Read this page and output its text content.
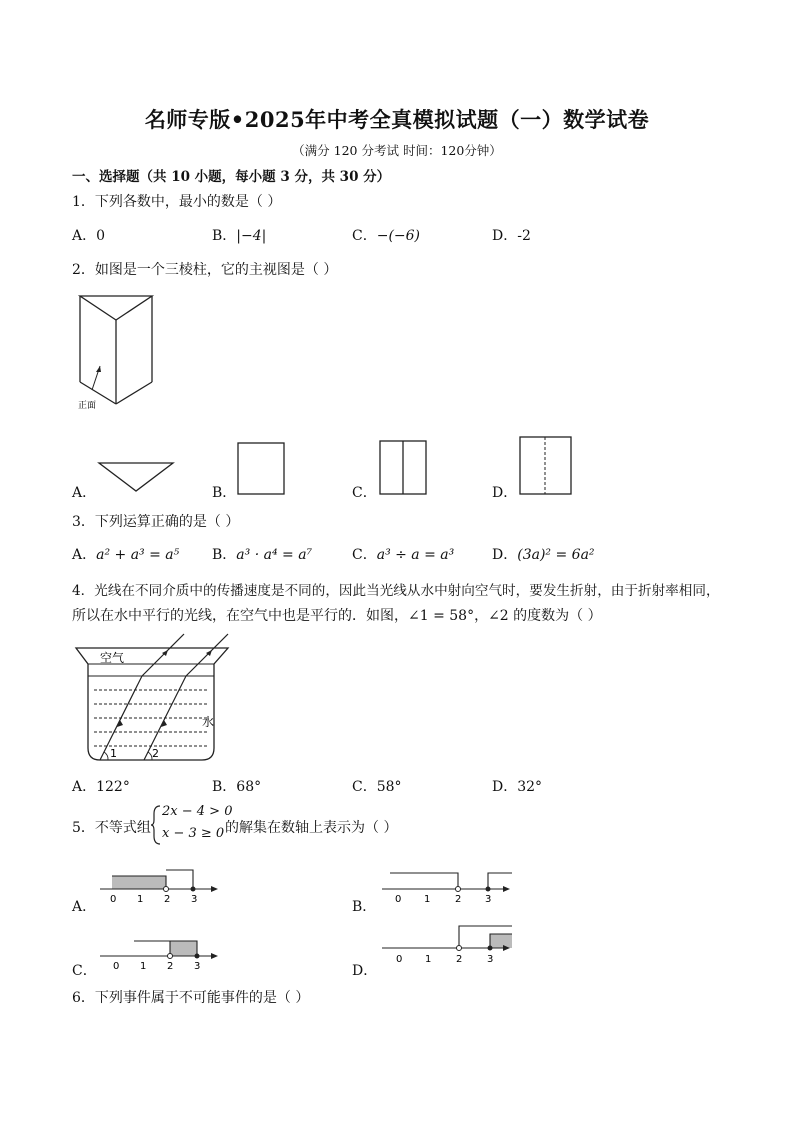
名师专版•2025年中考全真模拟试题（一）数学试卷
（满分 120 分考试 时间：120分钟）
一、选择题（共 10 小题，每小题 3 分，共 30 分）
1．下列各数中，最小的数是（ ）
A．0	B．|−4|	C．−(−6)	D．-2
2．如图是一个三棱柱，它的主视图是（ ）
正面
A．	B．	C．	D．
3．下列运算正确的是（ ）
A．a² + a³ = a⁵ B．a³ · a⁴ = a⁷	C．a³ ÷ a = a³	D．(3a)² = 6a²
4．光线在不同介质中的传播速度是不同的，因此当光线从水中射向空气时，要发生折射，由于折射率相同，
所以在水中平行的光线，在空气中也是平行的．如图，∠1 = 58°，∠2 的度数为（ ）
空气
水
1	2
A．122°	B．68°	C．58°	D．32°
5．不等式组
2x − 4 > 0
x − 3 ≥ 0 的解集在数轴上表示为（ ）
A． 0 1 2 3	B． 0 1 2 3
C． 0 1 2 3	D．
0 1 2 3
6．下列事件属于不可能事件的是（ ）
